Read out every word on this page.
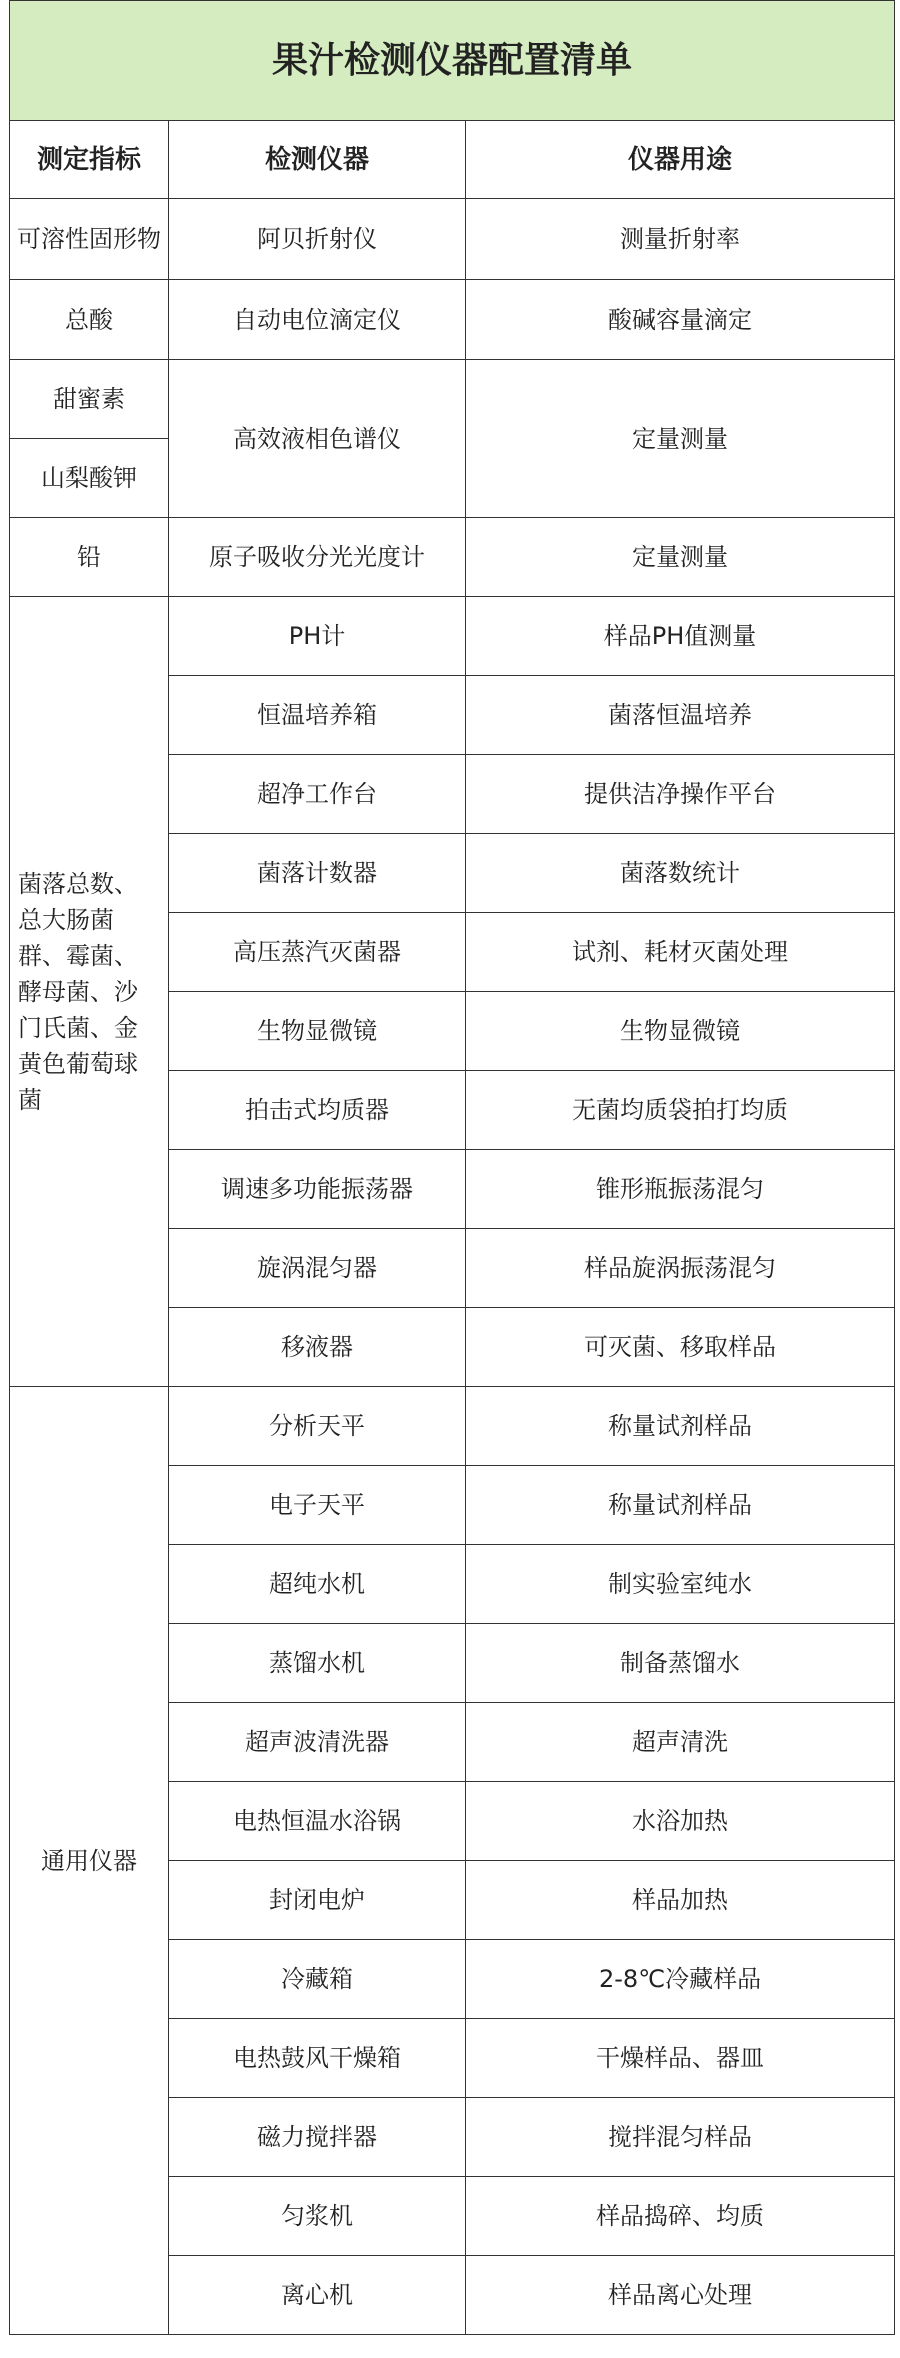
果汁检测仪器配置清单		
测定指标	检测仪器	仪器用途
可溶性固形物	阿贝折射仪	测量折射率
总酸	自动电位滴定仪	酸碱容量滴定
甜蜜素	高效液相色谱仪	定量测量
山梨酸钾		
铅	原子吸收分光光度计	定量测量
菌落总数、总大肠菌群、霉菌、酵母菌、沙门氏菌、金黄色葡萄球菌	PH计	样品PH值测量
	恒温培养箱	菌落恒温培养
	超净工作台	提供洁净操作平台
	菌落计数器	菌落数统计
	高压蒸汽灭菌器	试剂、耗材灭菌处理
	生物显微镜	生物显微镜
	拍击式均质器	无菌均质袋拍打均质
	调速多功能振荡器	锥形瓶振荡混匀
	旋涡混匀器	样品旋涡振荡混匀
	移液器	可灭菌、移取样品
通用仪器	分析天平	称量试剂样品
	电子天平	称量试剂样品
	超纯水机	制实验室纯水
	蒸馏水机	制备蒸馏水
	超声波清洗器	超声清洗
	电热恒温水浴锅	水浴加热
	封闭电炉	样品加热
	冷藏箱	2-8℃冷藏样品
	电热鼓风干燥箱	干燥样品、器皿
	磁力搅拌器	搅拌混匀样品
	匀浆机	样品捣碎、均质
	离心机	样品离心处理
